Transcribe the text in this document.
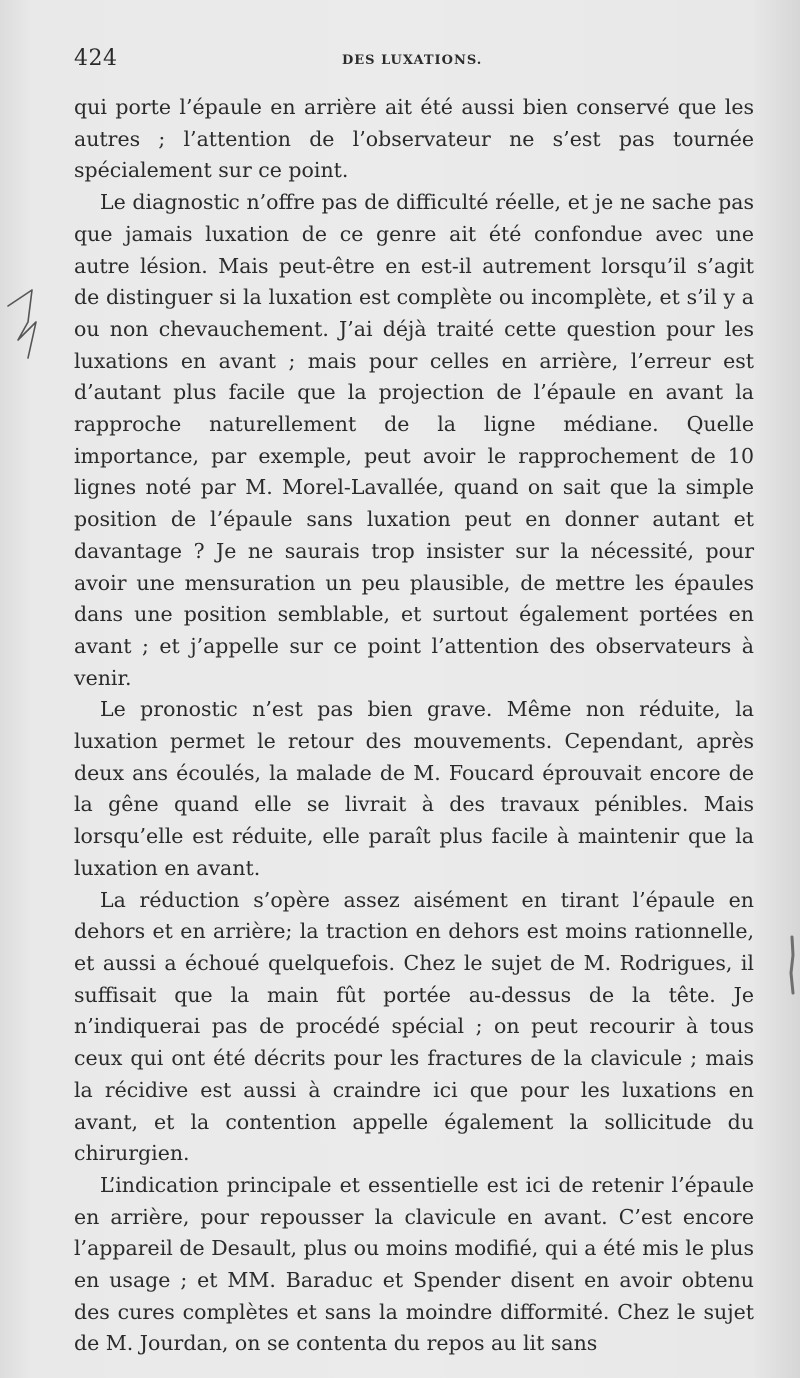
424	DES LUXATIONS.

qui porte l’épaule en arrière ait été aussi bien conservé que les autres ; l’attention de l’observateur ne s’est pas tournée spécialement sur ce point.

Le diagnostic n’offre pas de difficulté réelle, et je ne sache pas que jamais luxation de ce genre ait été confondue avec une autre lésion. Mais peut-être en est-il autrement lorsqu’il s’agit de distinguer si la luxation est complète ou incomplète, et s’il y a ou non chevauchement. J’ai déjà traité cette question pour les luxations en avant ; mais pour celles en arrière, l’erreur est d’autant plus facile que la projection de l’épaule en avant la rapproche naturellement de la ligne médiane. Quelle importance, par exemple, peut avoir le rapprochement de 10 lignes noté par M. Morel-Lavallée, quand on sait que la simple position de l’épaule sans luxation peut en donner autant et davantage ? Je ne saurais trop insister sur la nécessité, pour avoir une mensuration un peu plausible, de mettre les épaules dans une position semblable, et surtout également portées en avant ; et j’appelle sur ce point l’attention des observateurs à venir.

Le pronostic n’est pas bien grave. Même non réduite, la luxation permet le retour des mouvements. Cependant, après deux ans écoulés, la malade de M. Foucard éprouvait encore de la gêne quand elle se livrait à des travaux pénibles. Mais lorsqu’elle est réduite, elle paraît plus facile à maintenir que la luxation en avant.

La réduction s’opère assez aisément en tirant l’épaule en dehors et en arrière; la traction en dehors est moins rationnelle, et aussi a échoué quelquefois. Chez le sujet de M. Rodrigues, il suffisait que la main fût portée au-dessus de la tête. Je n’indiquerai pas de procédé spécial ; on peut recourir à tous ceux qui ont été décrits pour les fractures de la clavicule ; mais la récidive est aussi à craindre ici que pour les luxations en avant, et la contention appelle également la sollicitude du chirurgien.

L’indication principale et essentielle est ici de retenir l’épaule en arrière, pour repousser la clavicule en avant. C’est encore l’appareil de Desault, plus ou moins modifié, qui a été mis le plus en usage ; et MM. Baraduc et Spender disent en avoir obtenu des cures complètes et sans la moindre difformité. Chez le sujet de M. Jourdan, on se contenta du repos au lit sans
